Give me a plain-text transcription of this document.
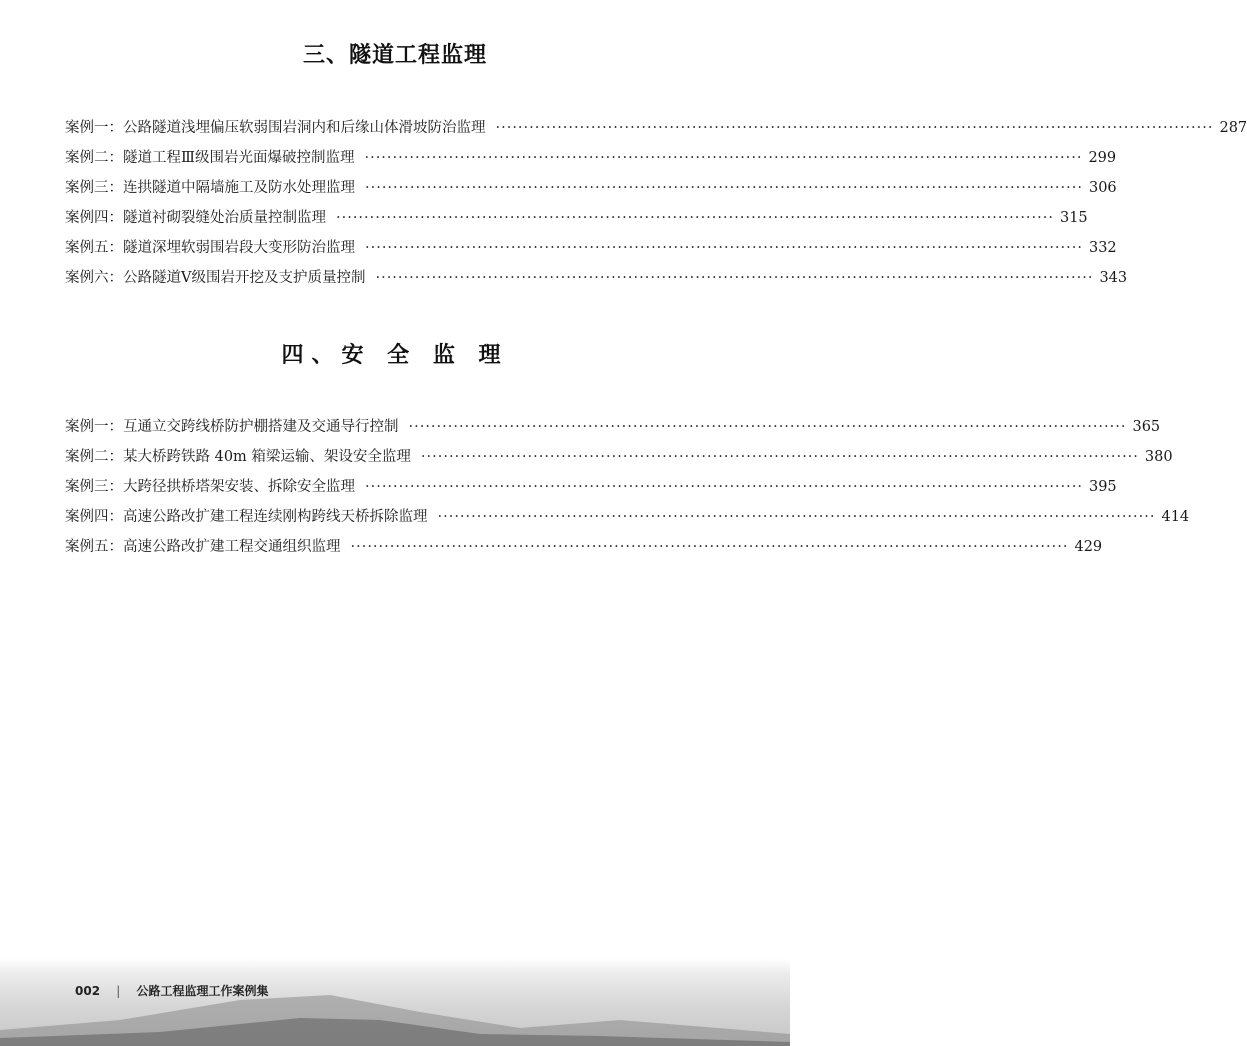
三、隧道工程监理
案例一： 公路隧道浅埋偏压软弱围岩洞内和后缘山体滑坡防治监理 ·····	287
案例二： 隧道工程Ⅲ级围岩光面爆破控制监理 ·····	299
案例三： 连拱隧道中隔墙施工及防水处理监理 ·····	306
案例四： 隧道衬砌裂缝处治质量控制监理 ·····	315
案例五： 隧道深埋软弱围岩段大变形防治监理 ·····	332
案例六： 公路隧道Ⅴ级围岩开挖及支护质量控制 ·····	343
四、安 全 监 理
案例一： 互通立交跨线桥防护棚搭建及交通导行控制 ·····	365
案例二： 某大桥跨铁路 40m 箱梁运输、架设安全监理 ·····	380
案例三： 大跨径拱桥塔架安装、拆除安全监理 ·····	395
案例四： 高速公路改扩建工程连续刚构跨线天桥拆除监理 ·····	414
案例五： 高速公路改扩建工程交通组织监理 ·····	429
002 | 公路工程监理工作案例集
